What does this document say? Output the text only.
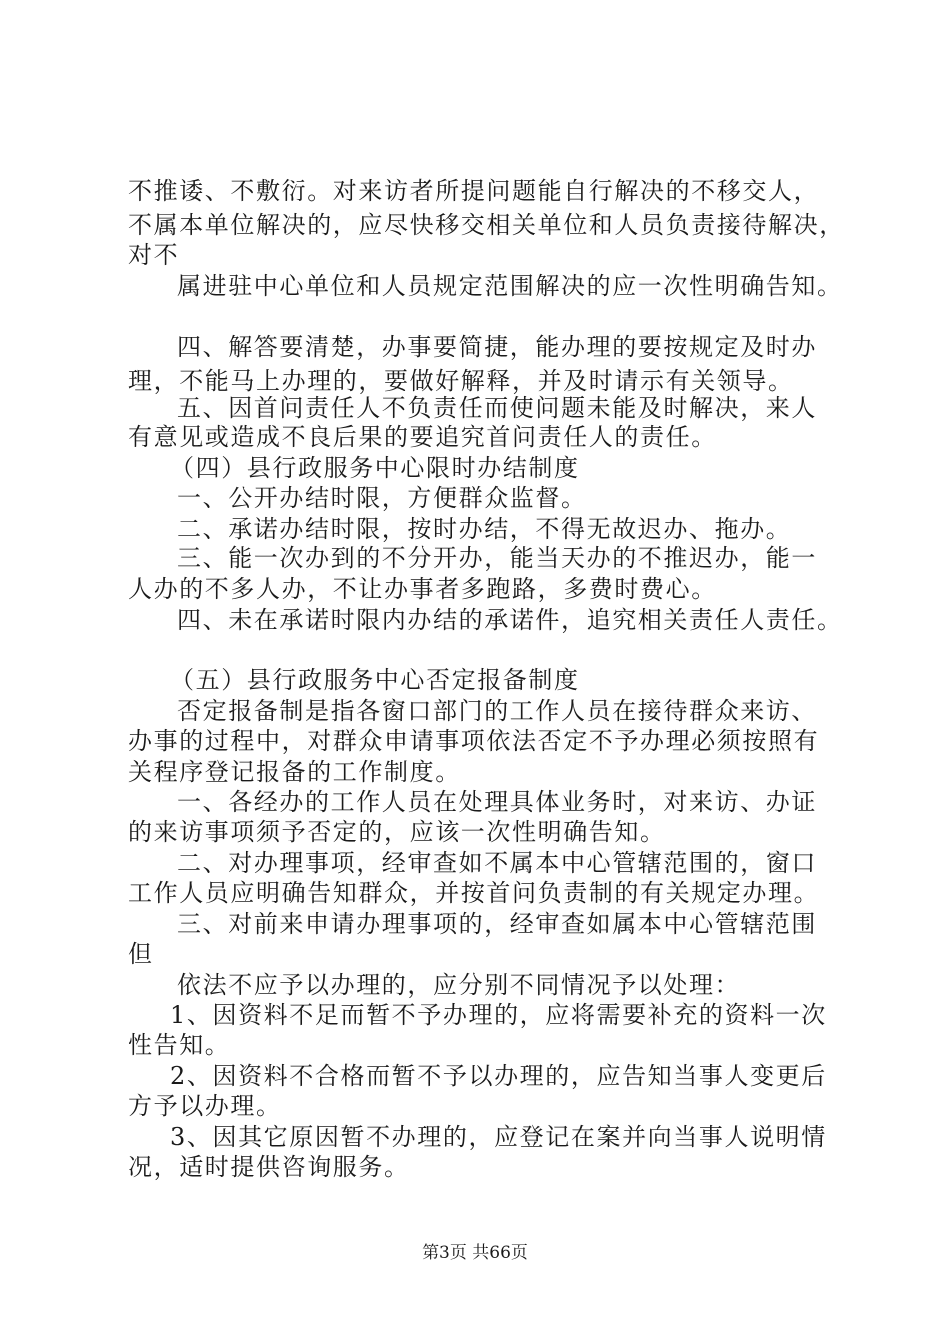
不推诿、不敷衍。对来访者所提问题能自行解决的不移交人，
不属本单位解决的，应尽快移交相关单位和人员负责接待解决，
对不
属进驻中心单位和人员规定范围解决的应一次性明确告知。
四、解答要清楚，办事要简捷，能办理的要按规定及时办
理，不能马上办理的，要做好解释，并及时请示有关领导。
五、因首问责任人不负责任而使问题未能及时解决，来人
有意见或造成不良后果的要追究首问责任人的责任。
（四）县行政服务中心限时办结制度
一、公开办结时限，方便群众监督。
二、承诺办结时限，按时办结，不得无故迟办、拖办。
三、能一次办到的不分开办，能当天办的不推迟办，能一
人办的不多人办，不让办事者多跑路，多费时费心。
四、未在承诺时限内办结的承诺件，追究相关责任人责任。
（五）县行政服务中心否定报备制度
否定报备制是指各窗口部门的工作人员在接待群众来访、
办事的过程中，对群众申请事项依法否定不予办理必须按照有
关程序登记报备的工作制度。
一、各经办的工作人员在处理具体业务时，对来访、办证
的来访事项须予否定的，应该一次性明确告知。
二、对办理事项，经审查如不属本中心管辖范围的，窗口
工作人员应明确告知群众，并按首问负责制的有关规定办理。
三、对前来申请办理事项的，经审查如属本中心管辖范围
但
依法不应予以办理的，应分别不同情况予以处理：
1、因资料不足而暂不予办理的，应将需要补充的资料一次
性告知。
2、因资料不合格而暂不予以办理的，应告知当事人变更后
方予以办理。
3、因其它原因暂不办理的，应登记在案并向当事人说明情
况，适时提供咨询服务。
第3页 共66页
